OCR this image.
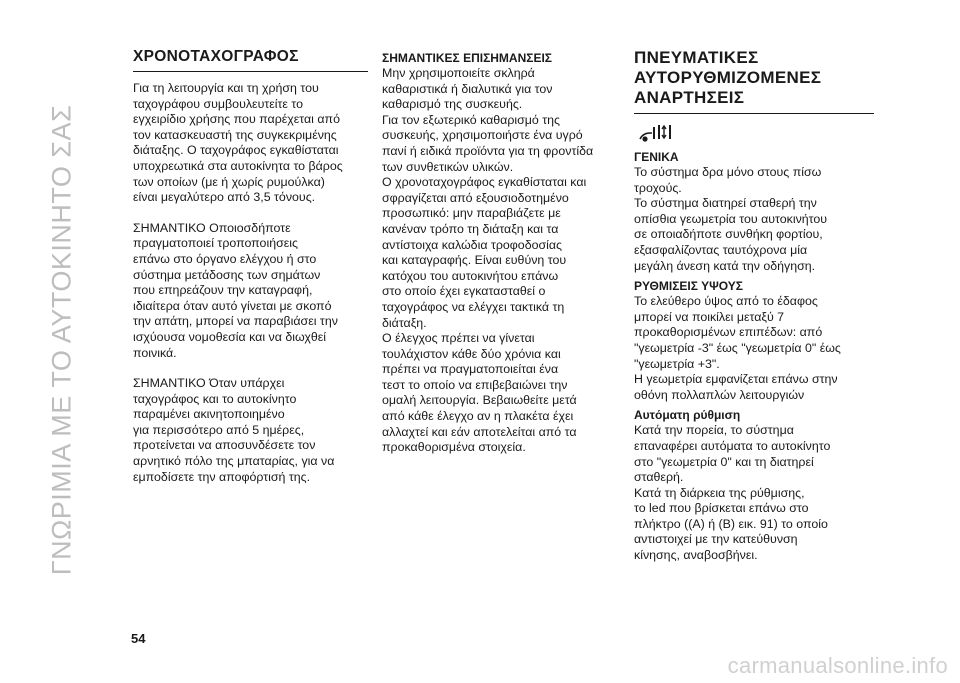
ΓΝΩΡΙΜΙΑ ΜΕ ΤΟ ΑΥΤΟΚΙΝΗΤΟ ΣΑΣ
ΧΡΟΝΟΤΑΧΟΓΡΑΦΟΣ
Για τη λειτουργία και τη χρήση του
ταχογράφου συμβουλευτείτε το
εγχειρίδιο χρήσης που παρέχεται από
τον κατασκευαστή της συγκεκριμένης
διάταξης. Ο ταχογράφος εγκαθίσταται
υποχρεωτικά στα αυτοκίνητα το βάρος
των οποίων (με ή χωρίς ρυμούλκα)
είναι μεγαλύτερο από 3,5 τόνους.
ΣΗΜΑΝΤΙΚΟ Οποιοσδήποτε
πραγματοποιεί τροποποιήσεις
επάνω στο όργανο ελέγχου ή στο
σύστημα μετάδοσης των σημάτων
που επηρεάζουν την καταγραφή,
ιδιαίτερα όταν αυτό γίνεται με σκοπό
την απάτη, μπορεί να παραβιάσει την
ισχύουσα νομοθεσία και να διωχθεί
ποινικά.
ΣΗΜΑΝΤΙΚΟ Όταν υπάρχει
ταχογράφος και το αυτοκίνητο
παραμένει ακινητοποιημένο
για περισσότερο από 5 ημέρες,
προτείνεται να αποσυνδέσετε τον
αρνητικό πόλο της μπαταρίας, για να
εμποδίσετε την αποφόρτισή της.
ΣΗΜΑΝΤΙΚΕΣ ΕΠΙΣΗΜΑΝΣΕΙΣ
Μην χρησιμοποιείτε σκληρά
καθαριστικά ή διαλυτικά για τον
καθαρισμό της συσκευής.
Για τον εξωτερικό καθαρισμό της
συσκευής, χρησιμοποιήστε ένα υγρό
πανί ή ειδικά προϊόντα για τη φροντίδα
των συνθετικών υλικών.
Ο χρονοταχογράφος εγκαθίσταται και
σφραγίζεται από εξουσιοδοτημένο
προσωπικό: μην παραβιάζετε με
κανέναν τρόπο τη διάταξη και τα
αντίστοιχα καλώδια τροφοδοσίας
και καταγραφής. Είναι ευθύνη του
κατόχου του αυτοκινήτου επάνω
στο οποίο έχει εγκατασταθεί ο
ταχογράφος να ελέγχει τακτικά τη
διάταξη.
Ο έλεγχος πρέπει να γίνεται
τουλάχιστον κάθε δύο χρόνια και
πρέπει να πραγματοποιείται ένα
τεστ το οποίο να επιβεβαιώνει την
ομαλή λειτουργία. Βεβαιωθείτε μετά
από κάθε έλεγχο αν η πλακέτα έχει
αλλαχτεί και εάν αποτελείται από τα
προκαθορισμένα στοιχεία.
ΠΝΕΥΜΑΤΙΚΕΣ
ΑΥΤΟΡΥΘΜΙΖΟΜΕΝΕΣ
ΑΝΑΡΤΗΣΕΙΣ
ΓΕΝΙΚΑ
Το σύστημα δρα μόνο στους πίσω
τροχούς.
Το σύστημα διατηρεί σταθερή την
οπίσθια γεωμετρία του αυτοκινήτου
σε οποιαδήποτε συνθήκη φορτίου,
εξασφαλίζοντας ταυτόχρονα μία
μεγάλη άνεση κατά την οδήγηση.
ΡΥΘΜΙΣΕΙΣ ΥΨΟΥΣ
Το ελεύθερο ύψος από το έδαφος
μπορεί να ποικίλει μεταξύ 7
προκαθορισμένων επιπέδων: από
"γεωμετρία -3" έως "γεωμετρία 0" έως
"γεωμετρία +3".
Η γεωμετρία εμφανίζεται επάνω στην
οθόνη πολλαπλών λειτουργιών
Αυτόματη ρύθμιση
Κατά την πορεία, το σύστημα
επαναφέρει αυτόματα το αυτοκίνητο
στο "γεωμετρία 0" και τη διατηρεί
σταθερή.
Κατά τη διάρκεια της ρύθμισης,
το led που βρίσκεται επάνω στο
πλήκτρο ((A) ή (B) εικ. 91) το οποίο
αντιστοιχεί με την κατεύθυνση
κίνησης, αναβοσβήνει.
54
carmanualsonline.info
